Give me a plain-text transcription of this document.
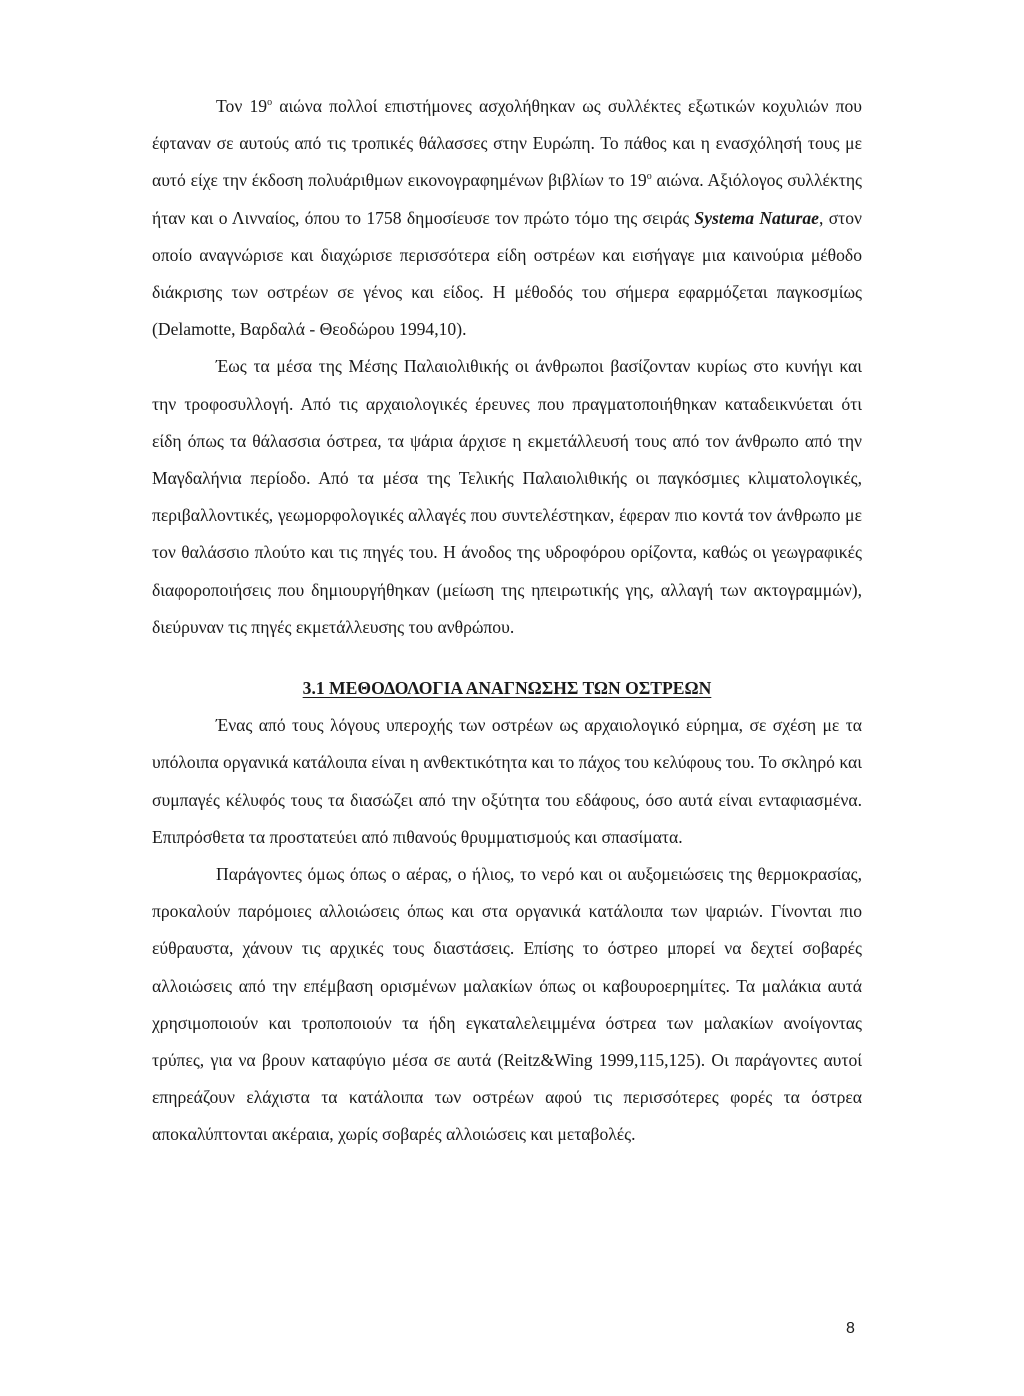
Τον $19^o$ αιώνα πολλοί επιστήμονες ασχολήθηκαν ως συλλέκτες εξωτικών κοχυλιών που έφταναν σε αυτούς από τις τροπικές θάλασσες στην Ευρώπη. Το πάθος και η ενασχόλησή τους με αυτό είχε την έκδοση πολυάριθμων εικονογραφημένων βιβλίων το $19^o$ αιώνα. Αξιόλογος συλλέκτης ήταν και ο Λινναίος, όπου το 1758 δημοσίευσε τον πρώτο τόμο της σειράς Systema Naturae, στον οποίο αναγνώρισε και διαχώρισε περισσότερα είδη οστρέων και εισήγαγε μια καινούρια μέθοδο διάκρισης των οστρέων σε γένος και είδος. Η μέθοδός του σήμερα εφαρμόζεται παγκοσμίως (Delamotte, Βαρδαλά - Θεοδώρου 1994,10).

Έως τα μέσα της Μέσης Παλαιολιθικής οι άνθρωποι βασίζονταν κυρίως στο κυνήγι και την τροφοσυλλογή. Από τις αρχαιολογικές έρευνες που πραγματοποιήθηκαν καταδεικνύεται ότι είδη όπως τα θάλασσια όστρεα, τα ψάρια άρχισε η εκμετάλλευσή τους από τον άνθρωπο από την Μαγδαλήνια περίοδο. Από τα μέσα της Τελικής Παλαιολιθικής οι παγκόσμιες κλιματολογικές, περιβαλλοντικές, γεωμορφολογικές αλλαγές που συντελέστηκαν, έφεραν πιο κοντά τον άνθρωπο με τον θαλάσσιο πλούτο και τις πηγές του. Η άνοδος της υδροφόρου ορίζοντα, καθώς οι γεωγραφικές διαφοροποιήσεις που δημιουργήθηκαν (μείωση της ηπειρωτικής γης, αλλαγή των ακτογραμμών), διεύρυναν τις πηγές εκμετάλλευσης του ανθρώπου.

3.1 ΜΕΘΟΔΟΛΟΓΙΑ ΑΝΑΓΝΩΣΗΣ ΤΩΝ ΟΣΤΡΕΩΝ

Ένας από τους λόγους υπεροχής των οστρέων ως αρχαιολογικό εύρημα, σε σχέση με τα υπόλοιπα οργανικά κατάλοιπα είναι η ανθεκτικότητα και το πάχος του κελύφους του. Το σκληρό και συμπαγές κέλυφός τους τα διασώζει από την οξύτητα του εδάφους, όσο αυτά είναι ενταφιασμένα. Επιπρόσθετα τα προστατεύει από πιθανούς θρυμματισμούς και σπασίματα.

Παράγοντες όμως όπως ο αέρας, ο ήλιος, το νερό και οι αυξομειώσεις της θερμοκρασίας, προκαλούν παρόμοιες αλλοιώσεις όπως και στα οργανικά κατάλοιπα των ψαριών. Γίνονται πιο εύθραυστα, χάνουν τις αρχικές τους διαστάσεις. Επίσης το όστρεο μπορεί να δεχτεί σοβαρές αλλοιώσεις από την επέμβαση ορισμένων μαλακίων όπως οι καβουροερημίτες. Τα μαλάκια αυτά χρησιμοποιούν και τροποποιούν τα ήδη εγκαταλελειμμένα όστρεα των μαλακίων ανοίγοντας τρύπες, για να βρουν καταφύγιο μέσα σε αυτά (Reitz&Wing 1999,115,125). Οι παράγοντες αυτοί επηρεάζουν ελάχιστα τα κατάλοιπα των οστρέων αφού τις περισσότερες φορές τα όστρεα αποκαλύπτονται ακέραια, χωρίς σοβαρές αλλοιώσεις και μεταβολές.

8
